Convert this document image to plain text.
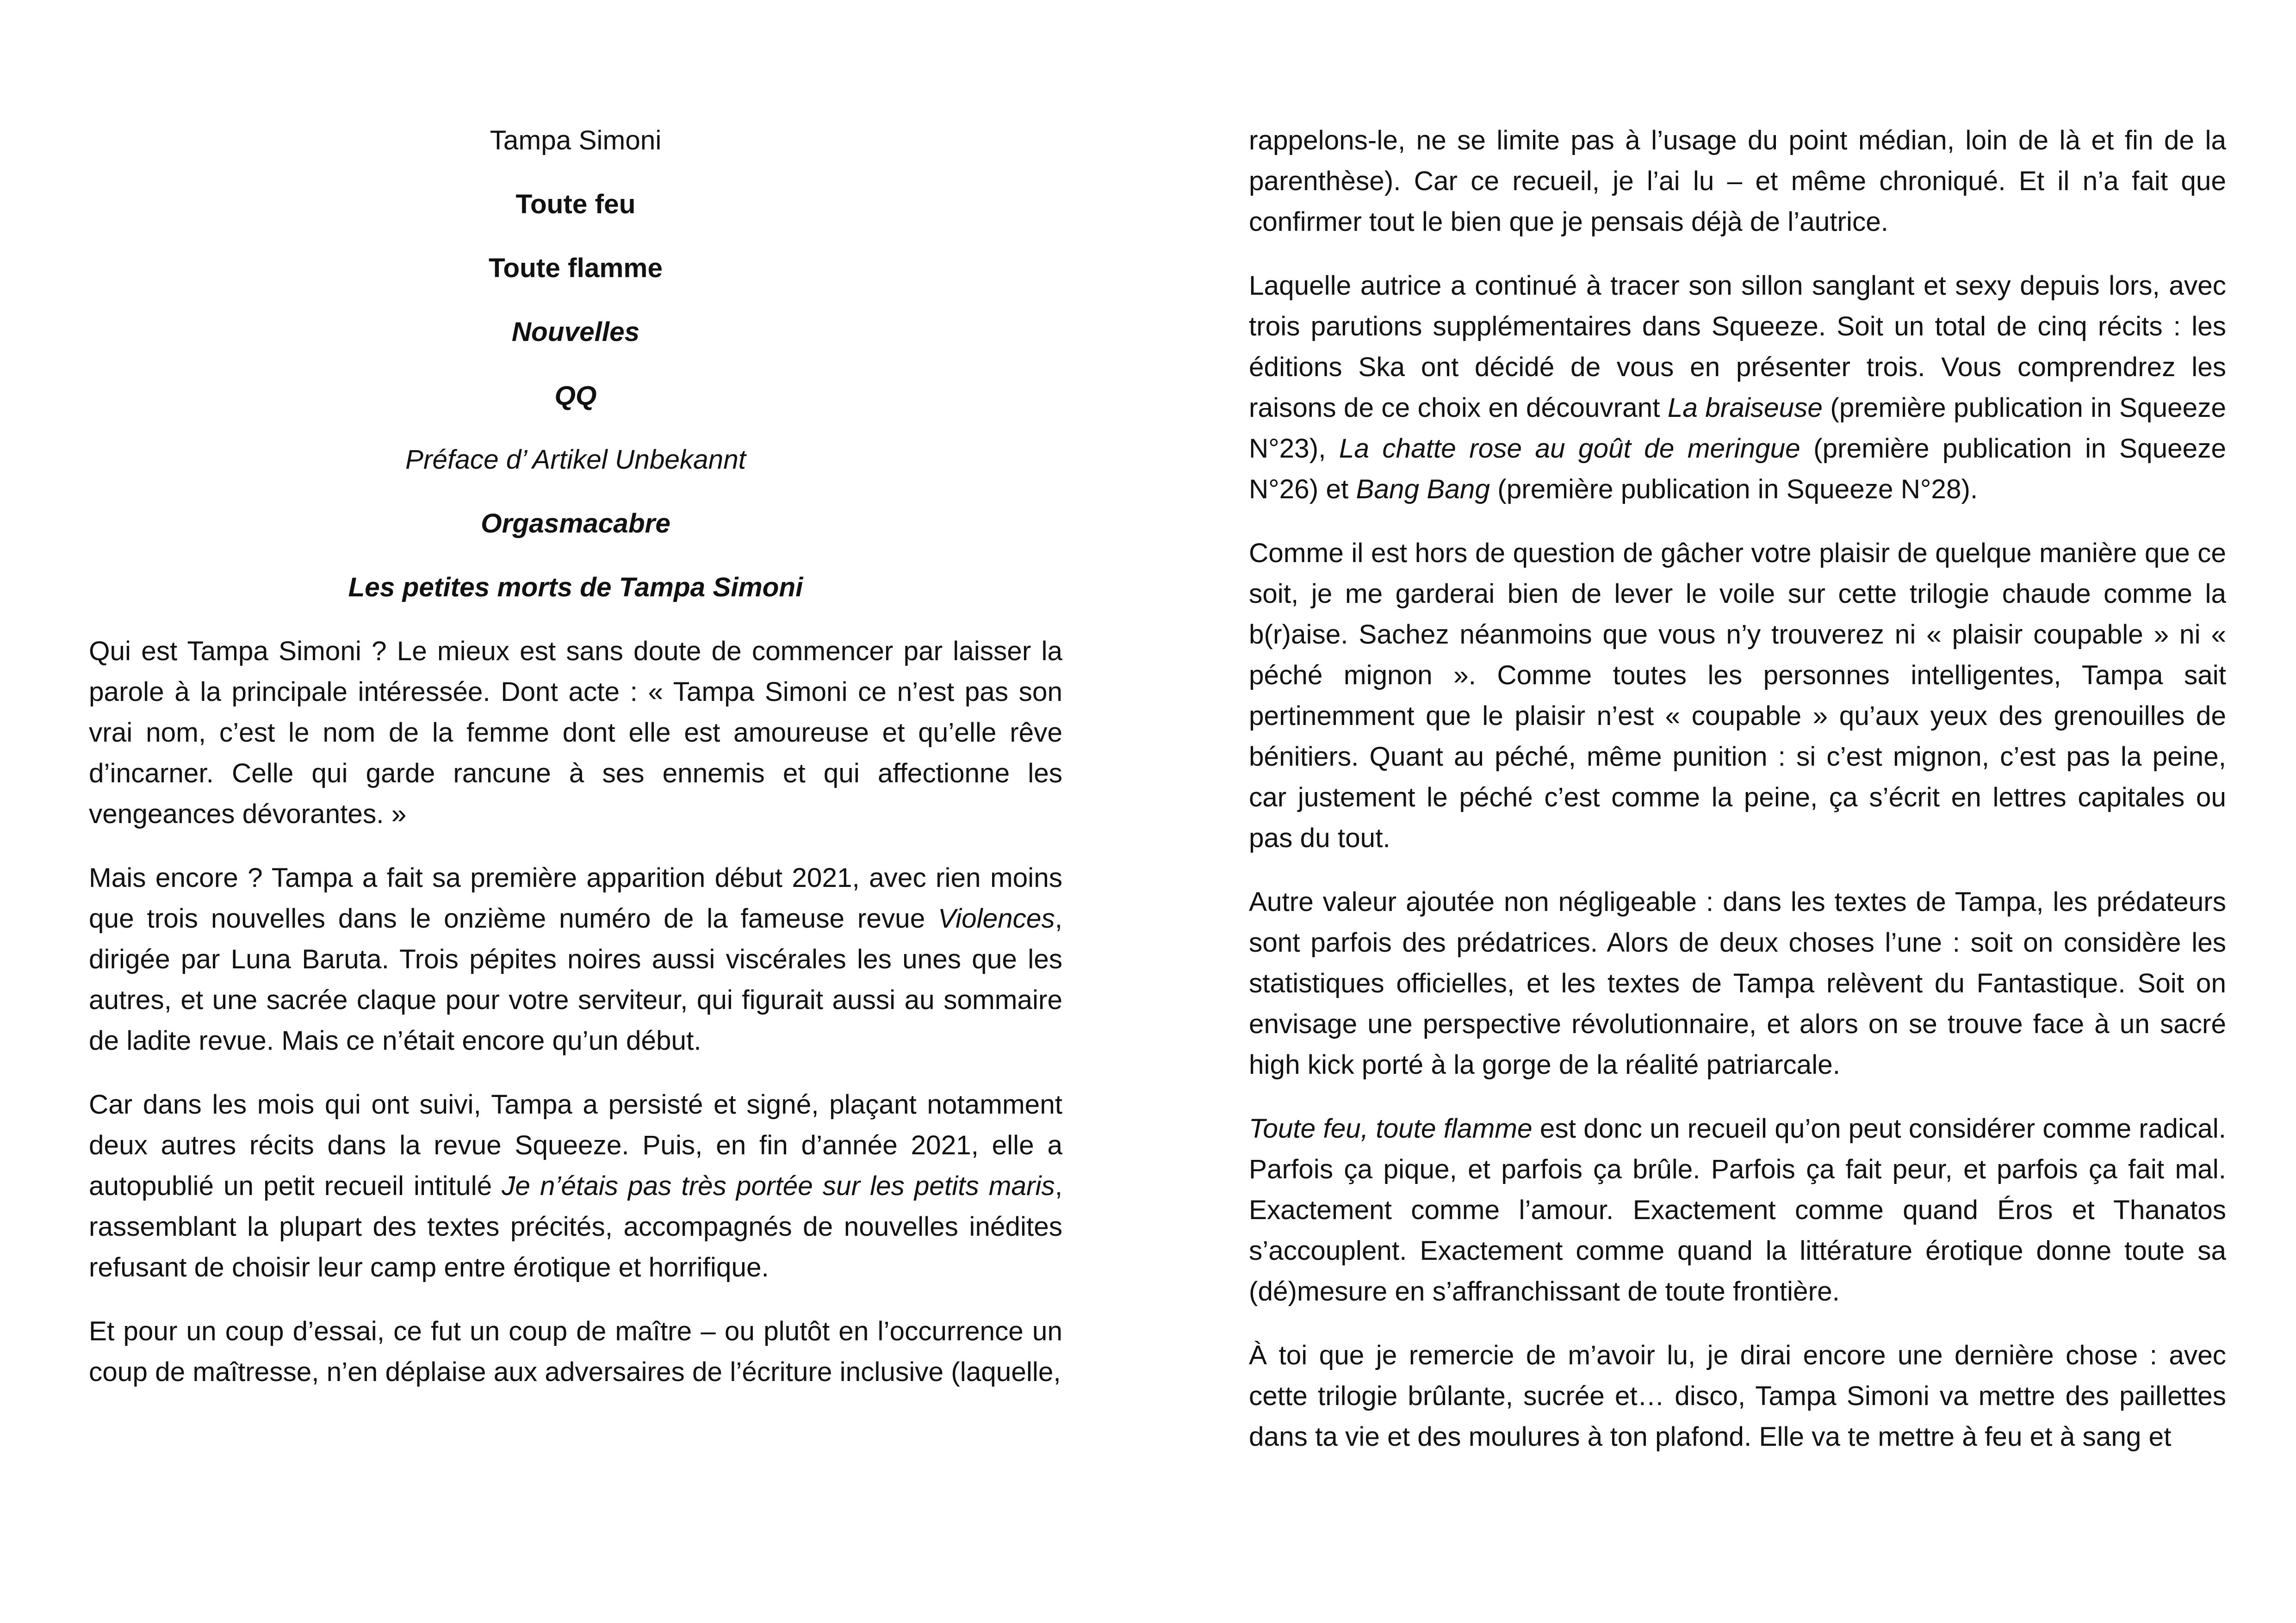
Tampa Simoni

Toute feu

Toute flamme

Nouvelles

QQ

Préface d’ Artikel Unbekannt

Orgasmacabre

Les petites morts de Tampa Simoni

Qui est Tampa Simoni ? Le mieux est sans doute de commencer par laisser la parole à la principale intéressée. Dont acte : « Tampa Simoni ce n’est pas son vrai nom, c’est le nom de la femme dont elle est amoureuse et qu’elle rêve d’incarner. Celle qui garde rancune à ses ennemis et qui affectionne les vengeances dévorantes. »

Mais encore ? Tampa a fait sa première apparition début 2021, avec rien moins que trois nouvelles dans le onzième numéro de la fameuse revue Violences, dirigée par Luna Baruta. Trois pépites noires aussi viscérales les unes que les autres, et une sacrée claque pour votre serviteur, qui figurait aussi au sommaire de ladite revue. Mais ce n’était encore qu’un début.

Car dans les mois qui ont suivi, Tampa a persisté et signé, plaçant notamment deux autres récits dans la revue Squeeze. Puis, en fin d’année 2021, elle a autopublié un petit recueil intitulé Je n’étais pas très portée sur les petits maris, rassemblant la plupart des textes précités, accompagnés de nouvelles inédites refusant de choisir leur camp entre érotique et horrifique.

Et pour un coup d’essai, ce fut un coup de maître – ou plutôt en l’occurrence un coup de maîtresse, n’en déplaise aux adversaires de l’écriture inclusive (laquelle,

rappelons-le, ne se limite pas à l’usage du point médian, loin de là et fin de la parenthèse). Car ce recueil, je l’ai lu – et même chroniqué. Et il n’a fait que confirmer tout le bien que je pensais déjà de l’autrice.

Laquelle autrice a continué à tracer son sillon sanglant et sexy depuis lors, avec trois parutions supplémentaires dans Squeeze. Soit un total de cinq récits : les éditions Ska ont décidé de vous en présenter trois. Vous comprendrez les raisons de ce choix en découvrant La braiseuse (première publication in Squeeze N°23), La chatte rose au goût de meringue (première publication in Squeeze N°26) et Bang Bang (première publication in Squeeze N°28).

Comme il est hors de question de gâcher votre plaisir de quelque manière que ce soit, je me garderai bien de lever le voile sur cette trilogie chaude comme la b(r)aise. Sachez néanmoins que vous n’y trouverez ni « plaisir coupable » ni « péché mignon ». Comme toutes les personnes intelligentes, Tampa sait pertinemment que le plaisir n’est « coupable » qu’aux yeux des grenouilles de bénitiers. Quant au péché, même punition : si c’est mignon, c’est pas la peine, car justement le péché c’est comme la peine, ça s’écrit en lettres capitales ou pas du tout.

Autre valeur ajoutée non négligeable : dans les textes de Tampa, les prédateurs sont parfois des prédatrices. Alors de deux choses l’une : soit on considère les statistiques officielles, et les textes de Tampa relèvent du Fantastique. Soit on envisage une perspective révolutionnaire, et alors on se trouve face à un sacré high kick porté à la gorge de la réalité patriarcale.

Toute feu, toute flamme est donc un recueil qu’on peut considérer comme radical. Parfois ça pique, et parfois ça brûle. Parfois ça fait peur, et parfois ça fait mal. Exactement comme l’amour. Exactement comme quand Éros et Thanatos s’accouplent. Exactement comme quand la littérature érotique donne toute sa (dé)mesure en s’affranchissant de toute frontière.

À toi que je remercie de m’avoir lu, je dirai encore une dernière chose : avec cette trilogie brûlante, sucrée et… disco, Tampa Simoni va mettre des paillettes dans ta vie et des moulures à ton plafond. Elle va te mettre à feu et à sang et
